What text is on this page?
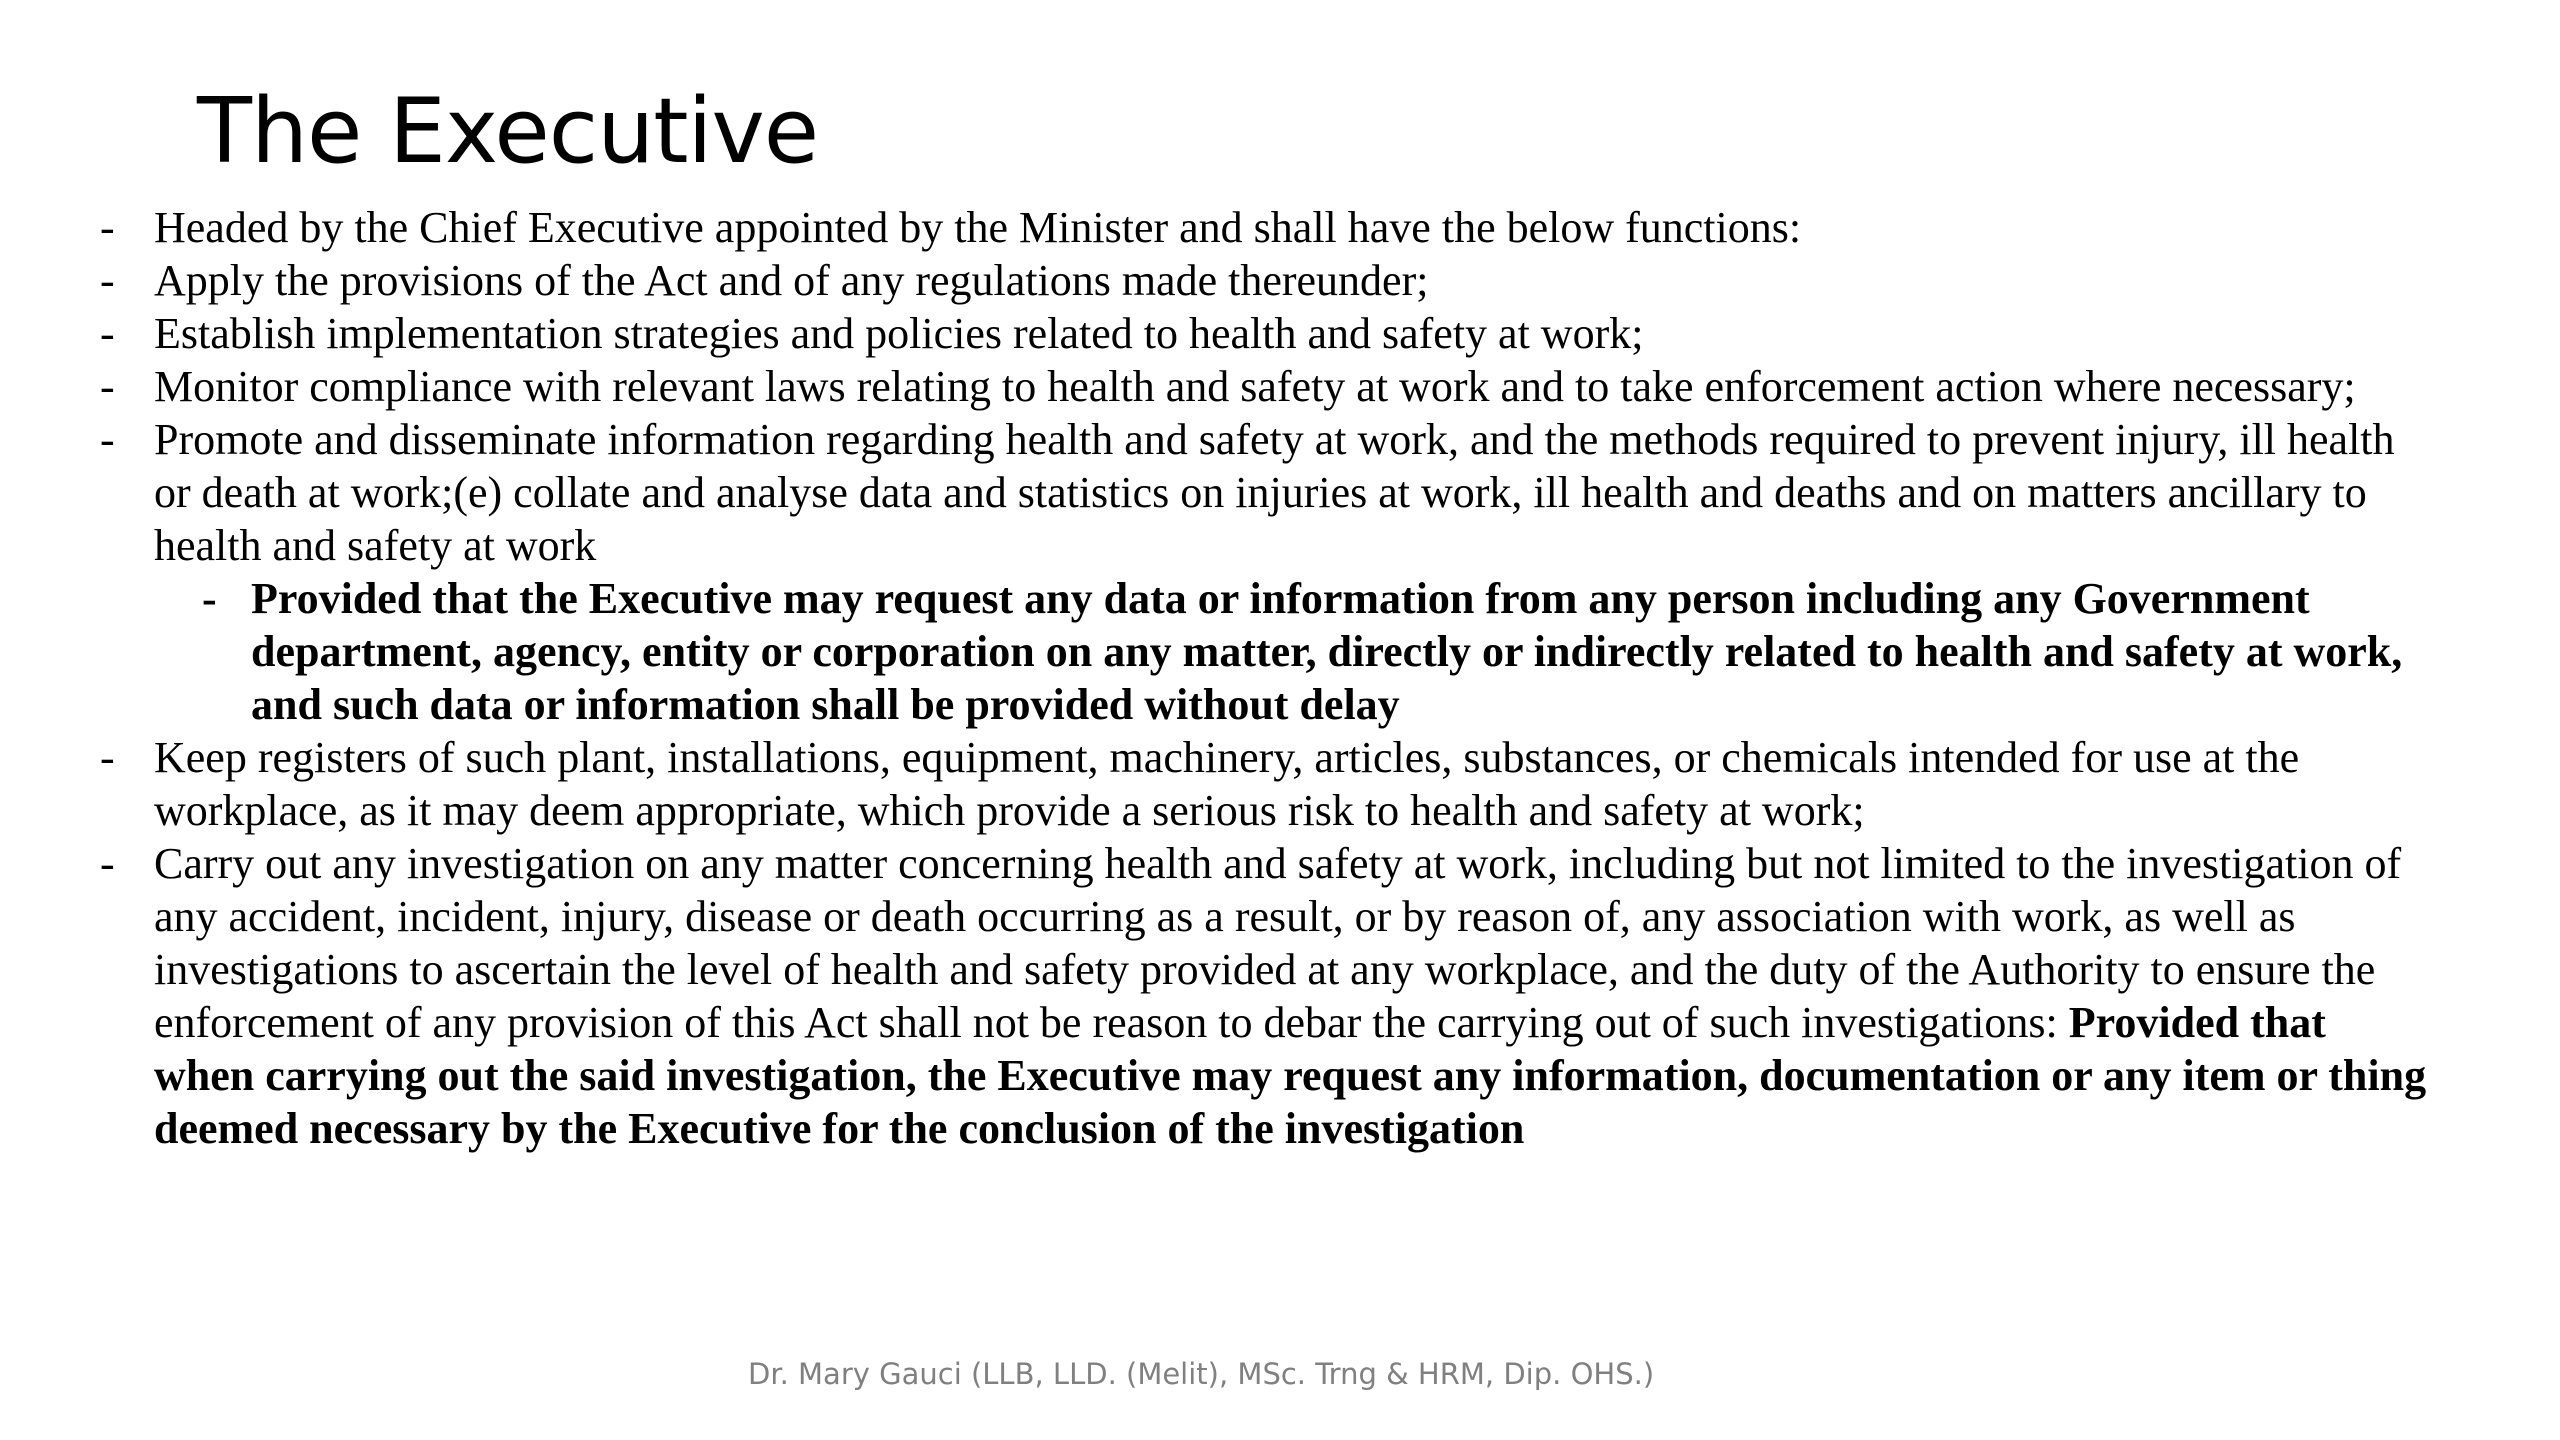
The Executive
- Headed by the Chief Executive appointed by the Minister and shall have the below functions:
- Apply the provisions of the Act and of any regulations made thereunder;
- Establish implementation strategies and policies related to health and safety at work;
- Monitor compliance with relevant laws relating to health and safety at work and to take enforcement action where necessary;
- Promote and disseminate information regarding health and safety at work, and the methods required to prevent injury, ill health or death at work;(e) collate and analyse data and statistics on injuries at work, ill health and deaths and on matters ancillary to health and safety at work
- Provided that the Executive may request any data or information from any person including any Government department, agency, entity or corporation on any matter, directly or indirectly related to health and safety at work, and such data or information shall be provided without delay
- Keep registers of such plant, installations, equipment, machinery, articles, substances, or chemicals intended for use at the workplace, as it may deem appropriate, which provide a serious risk to health and safety at work;
- Carry out any investigation on any matter concerning health and safety at work, including but not limited to the investigation of any accident, incident, injury, disease or death occurring as a result, or by reason of, any association with work, as well as investigations to ascertain the level of health and safety provided at any workplace, and the duty of the Authority to ensure the enforcement of any provision of this Act shall not be reason to debar the carrying out of such investigations: Provided that when carrying out the said investigation, the Executive may request any information, documentation or any item or thing deemed necessary by the Executive for the conclusion of the investigation
Dr. Mary Gauci (LLB, LLD. (Melit), MSc. Trng & HRM, Dip. OHS.)
